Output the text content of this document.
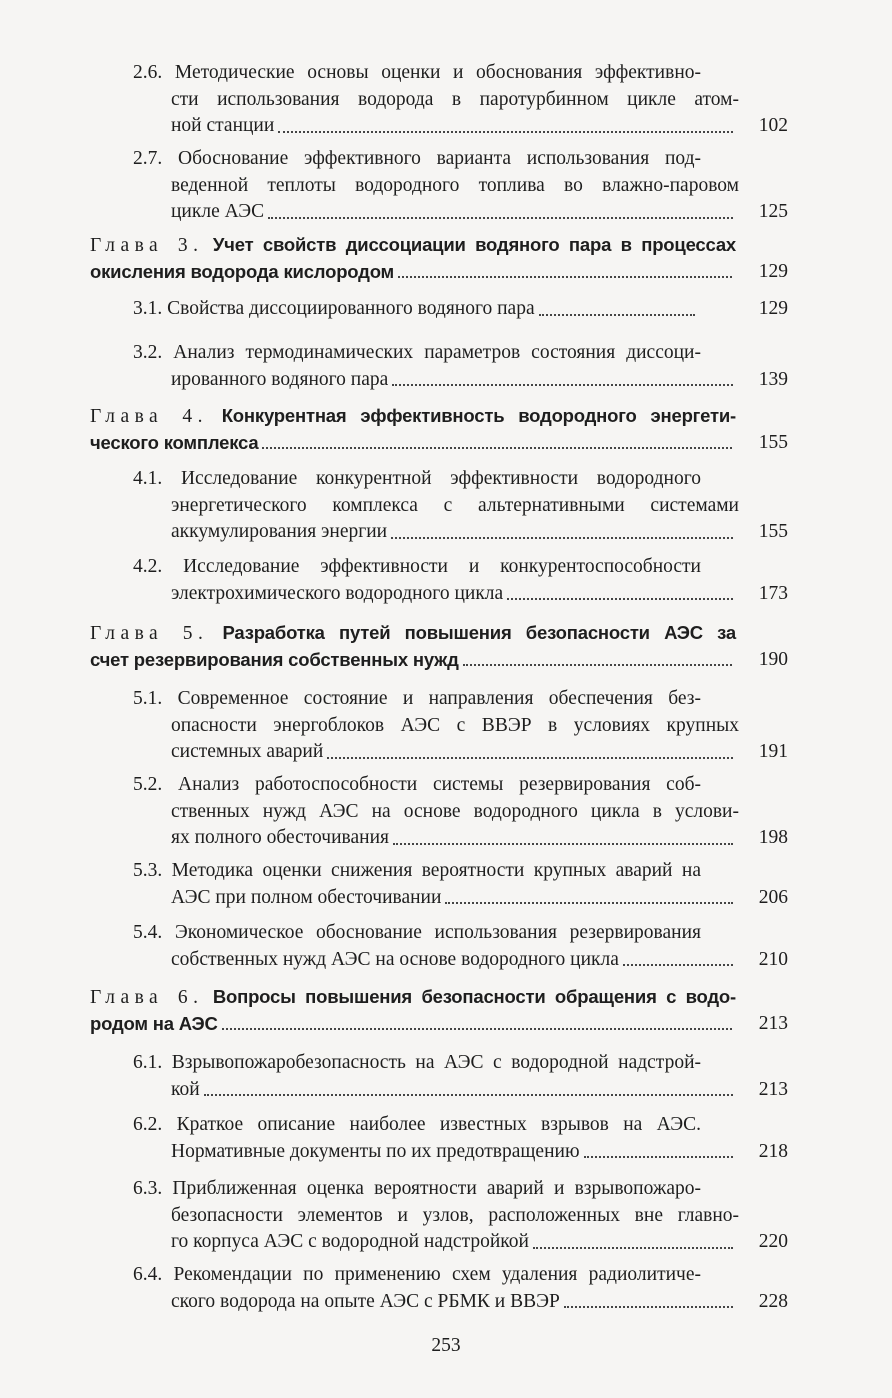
2.6. Методические основы оценки и обоснования эффективно-
сти использования водорода в паротурбинном цикле атом-
ной станции	102
2.7. Обоснование эффективного варианта использования под-
веденной теплоты водородного топлива во влажно-паровом
цикле АЭС	125
Глава 3. Учет свойств диссоциации водяного пара в процессах
окисления водорода кислородом	129
3.1. Свойства диссоциированного водяного пара	129
3.2. Анализ термодинамических параметров состояния диссоци-
ированного водяного пара	139
Глава 4. Конкурентная эффективность водородного энергети-
ческого комплекса	155
4.1. Исследование конкурентной эффективности водородного
энергетического комплекса с альтернативными системами
аккумулирования энергии	155
4.2. Исследование эффективности и конкурентоспособности
электрохимического водородного цикла	173
Глава 5. Разработка путей повышения безопасности АЭС за
счет резервирования собственных нужд	190
5.1. Современное состояние и направления обеспечения без-
опасности энергоблоков АЭС с ВВЭР в условиях крупных
системных аварий	191
5.2. Анализ работоспособности системы резервирования соб-
ственных нужд АЭС на основе водородного цикла в услови-
ях полного обесточивания	198
5.3. Методика оценки снижения вероятности крупных аварий на
АЭС при полном обесточивании	206
5.4. Экономическое обоснование использования резервирования
собственных нужд АЭС на основе водородного цикла	210
Глава 6. Вопросы повышения безопасности обращения с водо-
родом на АЭС	213
6.1. Взрывопожаробезопасность на АЭС с водородной надстрой-
кой	213
6.2. Краткое описание наиболее известных взрывов на АЭС.
Нормативные документы по их предотвращению	218
6.3. Приближенная оценка вероятности аварий и взрывопожаро-
безопасности элементов и узлов, расположенных вне главно-
го корпуса АЭС с водородной надстройкой	220
6.4. Рекомендации по применению схем удаления радиолитиче-
ского водорода на опыте АЭС с РБМК и ВВЭР	228
253
